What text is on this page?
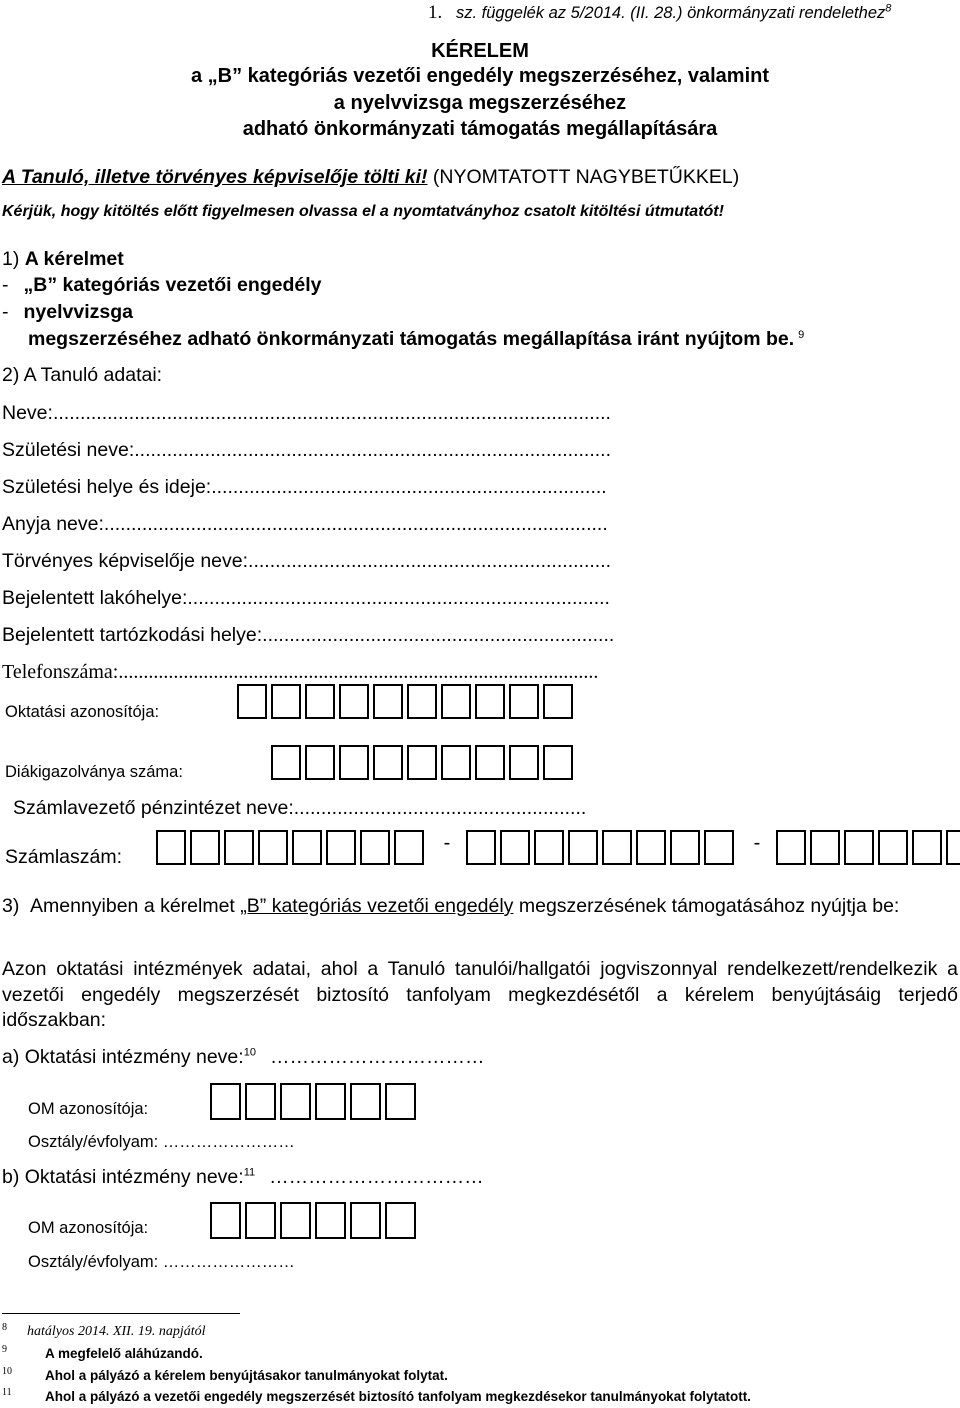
1. sz. függelék az 5/2014. (II. 28.) önkormányzati rendelethez$^8$
KÉRELEM
a „B” kategóriás vezetői engedély megszerzéséhez, valamint
a nyelvvizsga megszerzéséhez
adható önkormányzati támogatás megállapítására
A Tanuló, illetve törvényes képviselője tölti ki! (NYOMTATOTT NAGYBETŰKKEL)
Kérjük, hogy kitöltés előtt figyelmesen olvassa el a nyomtatványhoz csatolt kitöltési útmutatót!
1) A kérelmet
- „B” kategóriás vezetői engedély
- nyelvvizsga
megszerzéséhez adható önkormányzati támogatás megállapítása iránt nyújtom be. $^9$
2) A Tanuló adatai:
Neve:.......................................................................................................
Születési neve:........................................................................................
Születési helye és ideje:.........................................................................
Anyja neve:.............................................................................................
Törvényes képviselője neve:...................................................................
Bejelentett lakóhelye:..............................................................................
Bejelentett tartózkodási helye:.................................................................
Telefonszáma:................................................................................................
Oktatási azonosítója:
Diákigazolványa száma:
Számlavezető pénzintézet neve:......................................................
Számlaszám:
-	-
3) Amennyiben a kérelmet „B” kategóriás vezetői engedély megszerzésének támogatásához nyújtja be:
Azon oktatási intézmények adatai, ahol a Tanuló tanulói/hallgatói jogviszonnyal rendelkezett/rendelkezik a vezetői engedély megszerzését biztosító tanfolyam megkezdésétől a kérelem benyújtásáig terjedő időszakban:
a) Oktatási intézmény neve:$^{10}$ ……………………………
OM azonosítója:
Osztály/évfolyam: ……………………
b) Oktatási intézmény neve:$^{11}$ ……………………………
OM azonosítója:
Osztály/évfolyam: ……………………
8 hatályos 2014. XII. 19. napjától
9	A megfelelő aláhúzandó.
10 Ahol a pályázó a kérelem benyújtásakor tanulmányokat folytat.
11 Ahol a pályázó a vezetői engedély megszerzését biztosító tanfolyam megkezdésekor tanulmányokat folytatott.
